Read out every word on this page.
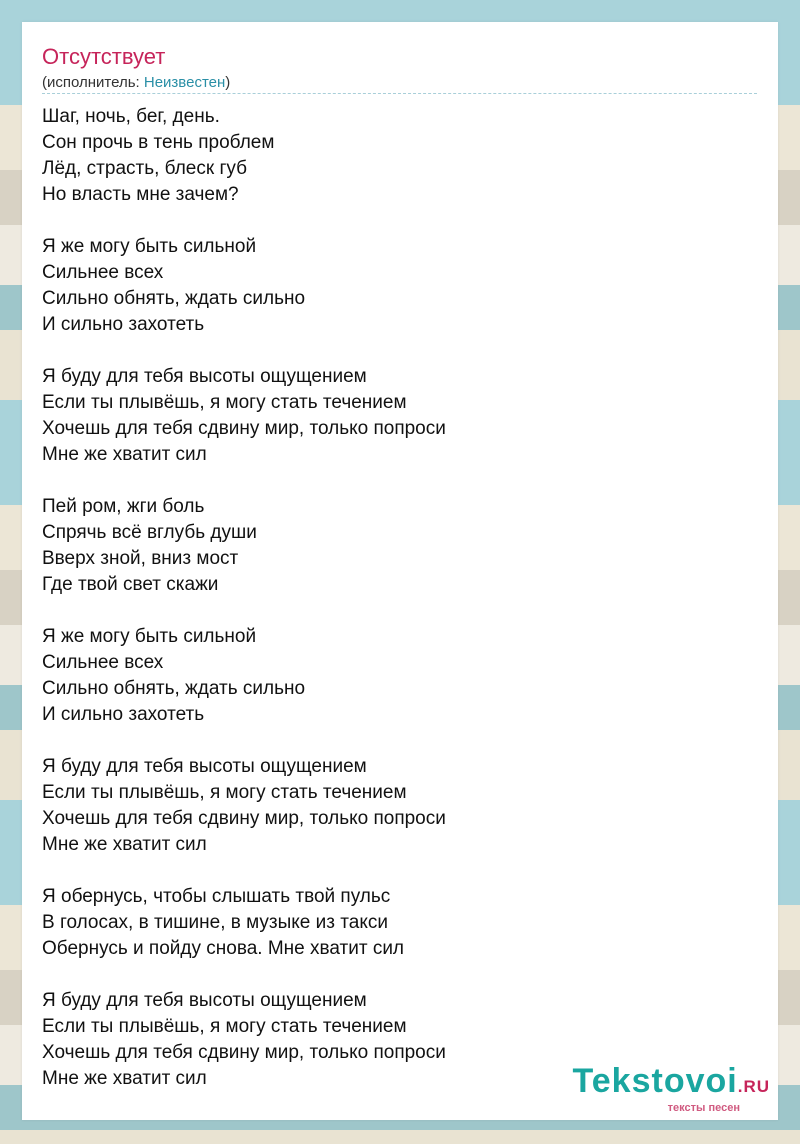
Отсутствует
(исполнитель: Неизвестен)
Шаг, ночь, бег, день.
Сон прочь в тень проблем
Лёд, страсть, блеск губ
Но власть мне зачем?
Я же могу быть сильной
Сильнее всех
Сильно обнять, ждать сильно
И сильно захотеть
Я буду для тебя высоты ощущением
Если ты плывёшь, я могу стать течением
Хочешь для тебя сдвину мир, только попроси
Мне же хватит сил
Пей ром, жги боль
Спрячь всё вглубь души
Вверх зной, вниз мост
Где твой свет скажи
Я же могу быть сильной
Сильнее всех
Сильно обнять, ждать сильно
И сильно захотеть
Я буду для тебя высоты ощущением
Если ты плывёшь, я могу стать течением
Хочешь для тебя сдвину мир, только попроси
Мне же хватит сил
Я обернусь, чтобы слышать твой пульс
В голосах, в тишине, в музыке из такси
Обернусь и пойду снова. Мне хватит сил
Я буду для тебя высоты ощущением
Если ты плывёшь, я могу стать течением
Хочешь для тебя сдвину мир, только попроси
Мне же хватит сил	Tekstovoi.RU
тексты песен
